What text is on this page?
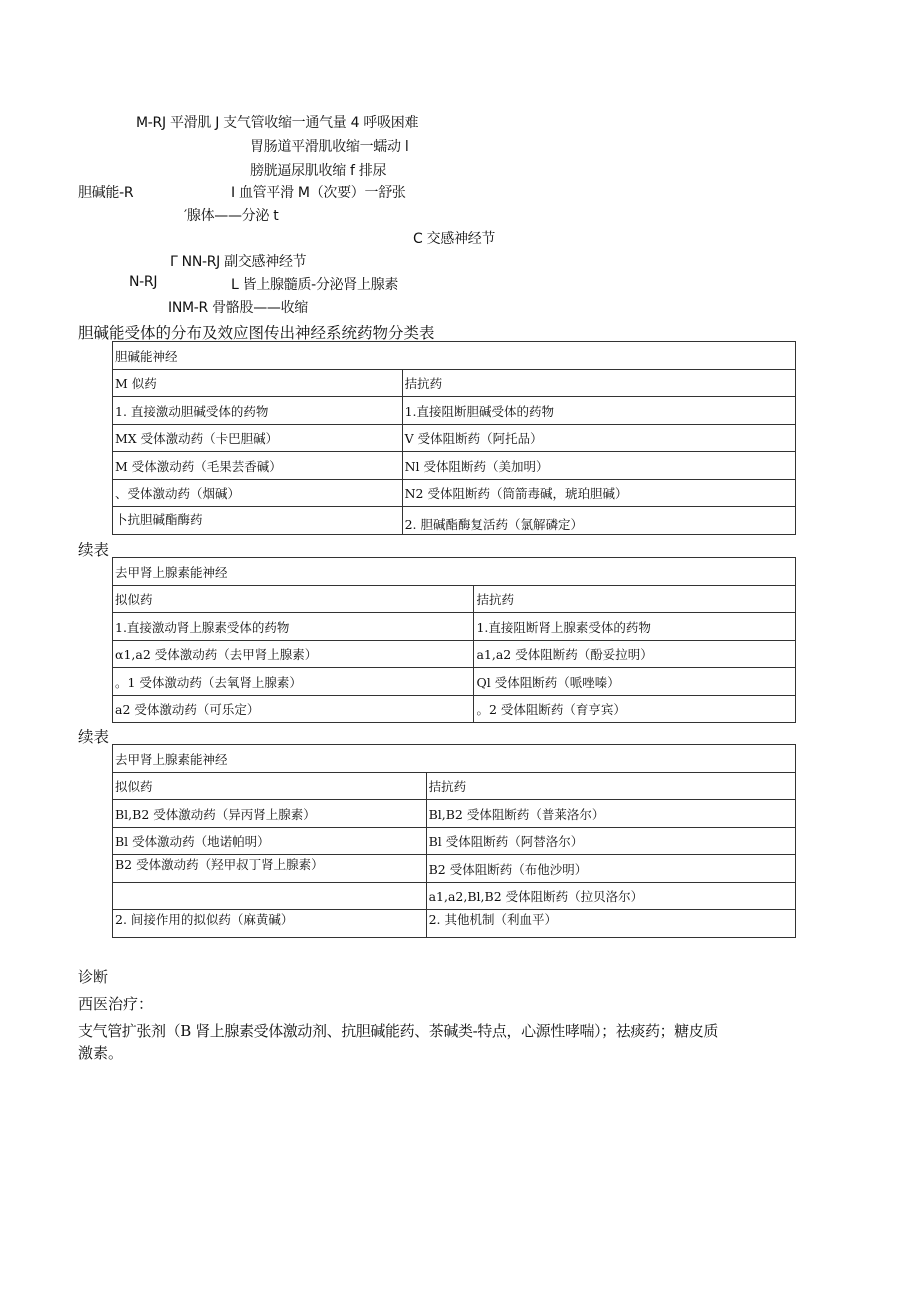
M-RJ 平滑肌 J 支气管收缩一通气量 4 呼吸困难
胃肠道平滑肌收缩一蠕动 l
膀胱逼尿肌收缩 f 排尿
胆碱能-R	I 血管平滑 M（次要）一舒张
′腺体——分泌 t
C 交感神经节
Γ NN-RJ 副交感神经节
N-RJ	L 皆上腺髓质-分泌肾上腺素
INM-R 骨骼股——收缩
胆碱能受体的分布及效应图传出神经系统药物分类表
胆碱能神经	
M 似药	拮抗药
1. 直接激动胆碱受体的药物	1.直接阻断胆碱受体的药物
MX 受体激动药（卡巴胆碱）	V 受体阻断药（阿托品）
M 受体激动药（毛果芸香碱）	Nl 受体阻断药（美加明）
、受体激动药（烟碱）	N2 受体阻断药（筒箭毒碱，琥珀胆碱）
卜抗胆碱酯酶药	2. 胆碱酯酶复活药（氯解磷定）
续表
去甲肾上腺素能神经	
拟似药	拮抗药
1.直接激动肾上腺素受体的药物	1.直接阻断肾上腺素受体的药物
α1,a2 受体激动药（去甲肾上腺素）	a1,a2 受体阻断药（酚妥拉明）
。1 受体激动药（去氧肾上腺素）	Ql 受体阻断药（哌唑嗪）
a2 受体激动药（可乐定）	。2 受体阻断药（育亨宾）
续表
去甲肾上腺素能神经	
拟似药	拮抗药
Bl,B2 受体激动药（异丙肾上腺素）	Bl,B2 受体阻断药（普莱洛尔）
Bl 受体激动药（地诺帕明）	Bl 受体阻断药（阿替洛尔）
B2 受体激动药（羟甲叔丁肾上腺素）	B2 受体阻断药（布他沙明）
	a1,a2,Bl,B2 受体阻断药（拉贝洛尔）
2. 间接作用的拟似药（麻黄碱）	2. 其他机制（利血平）
诊断
西医治疗：
支气管扩张剂（B 肾上腺素受体激动剂、抗胆碱能药、茶碱类-特点，心源性哮喘）；祛痰药；糖皮质
激素。
